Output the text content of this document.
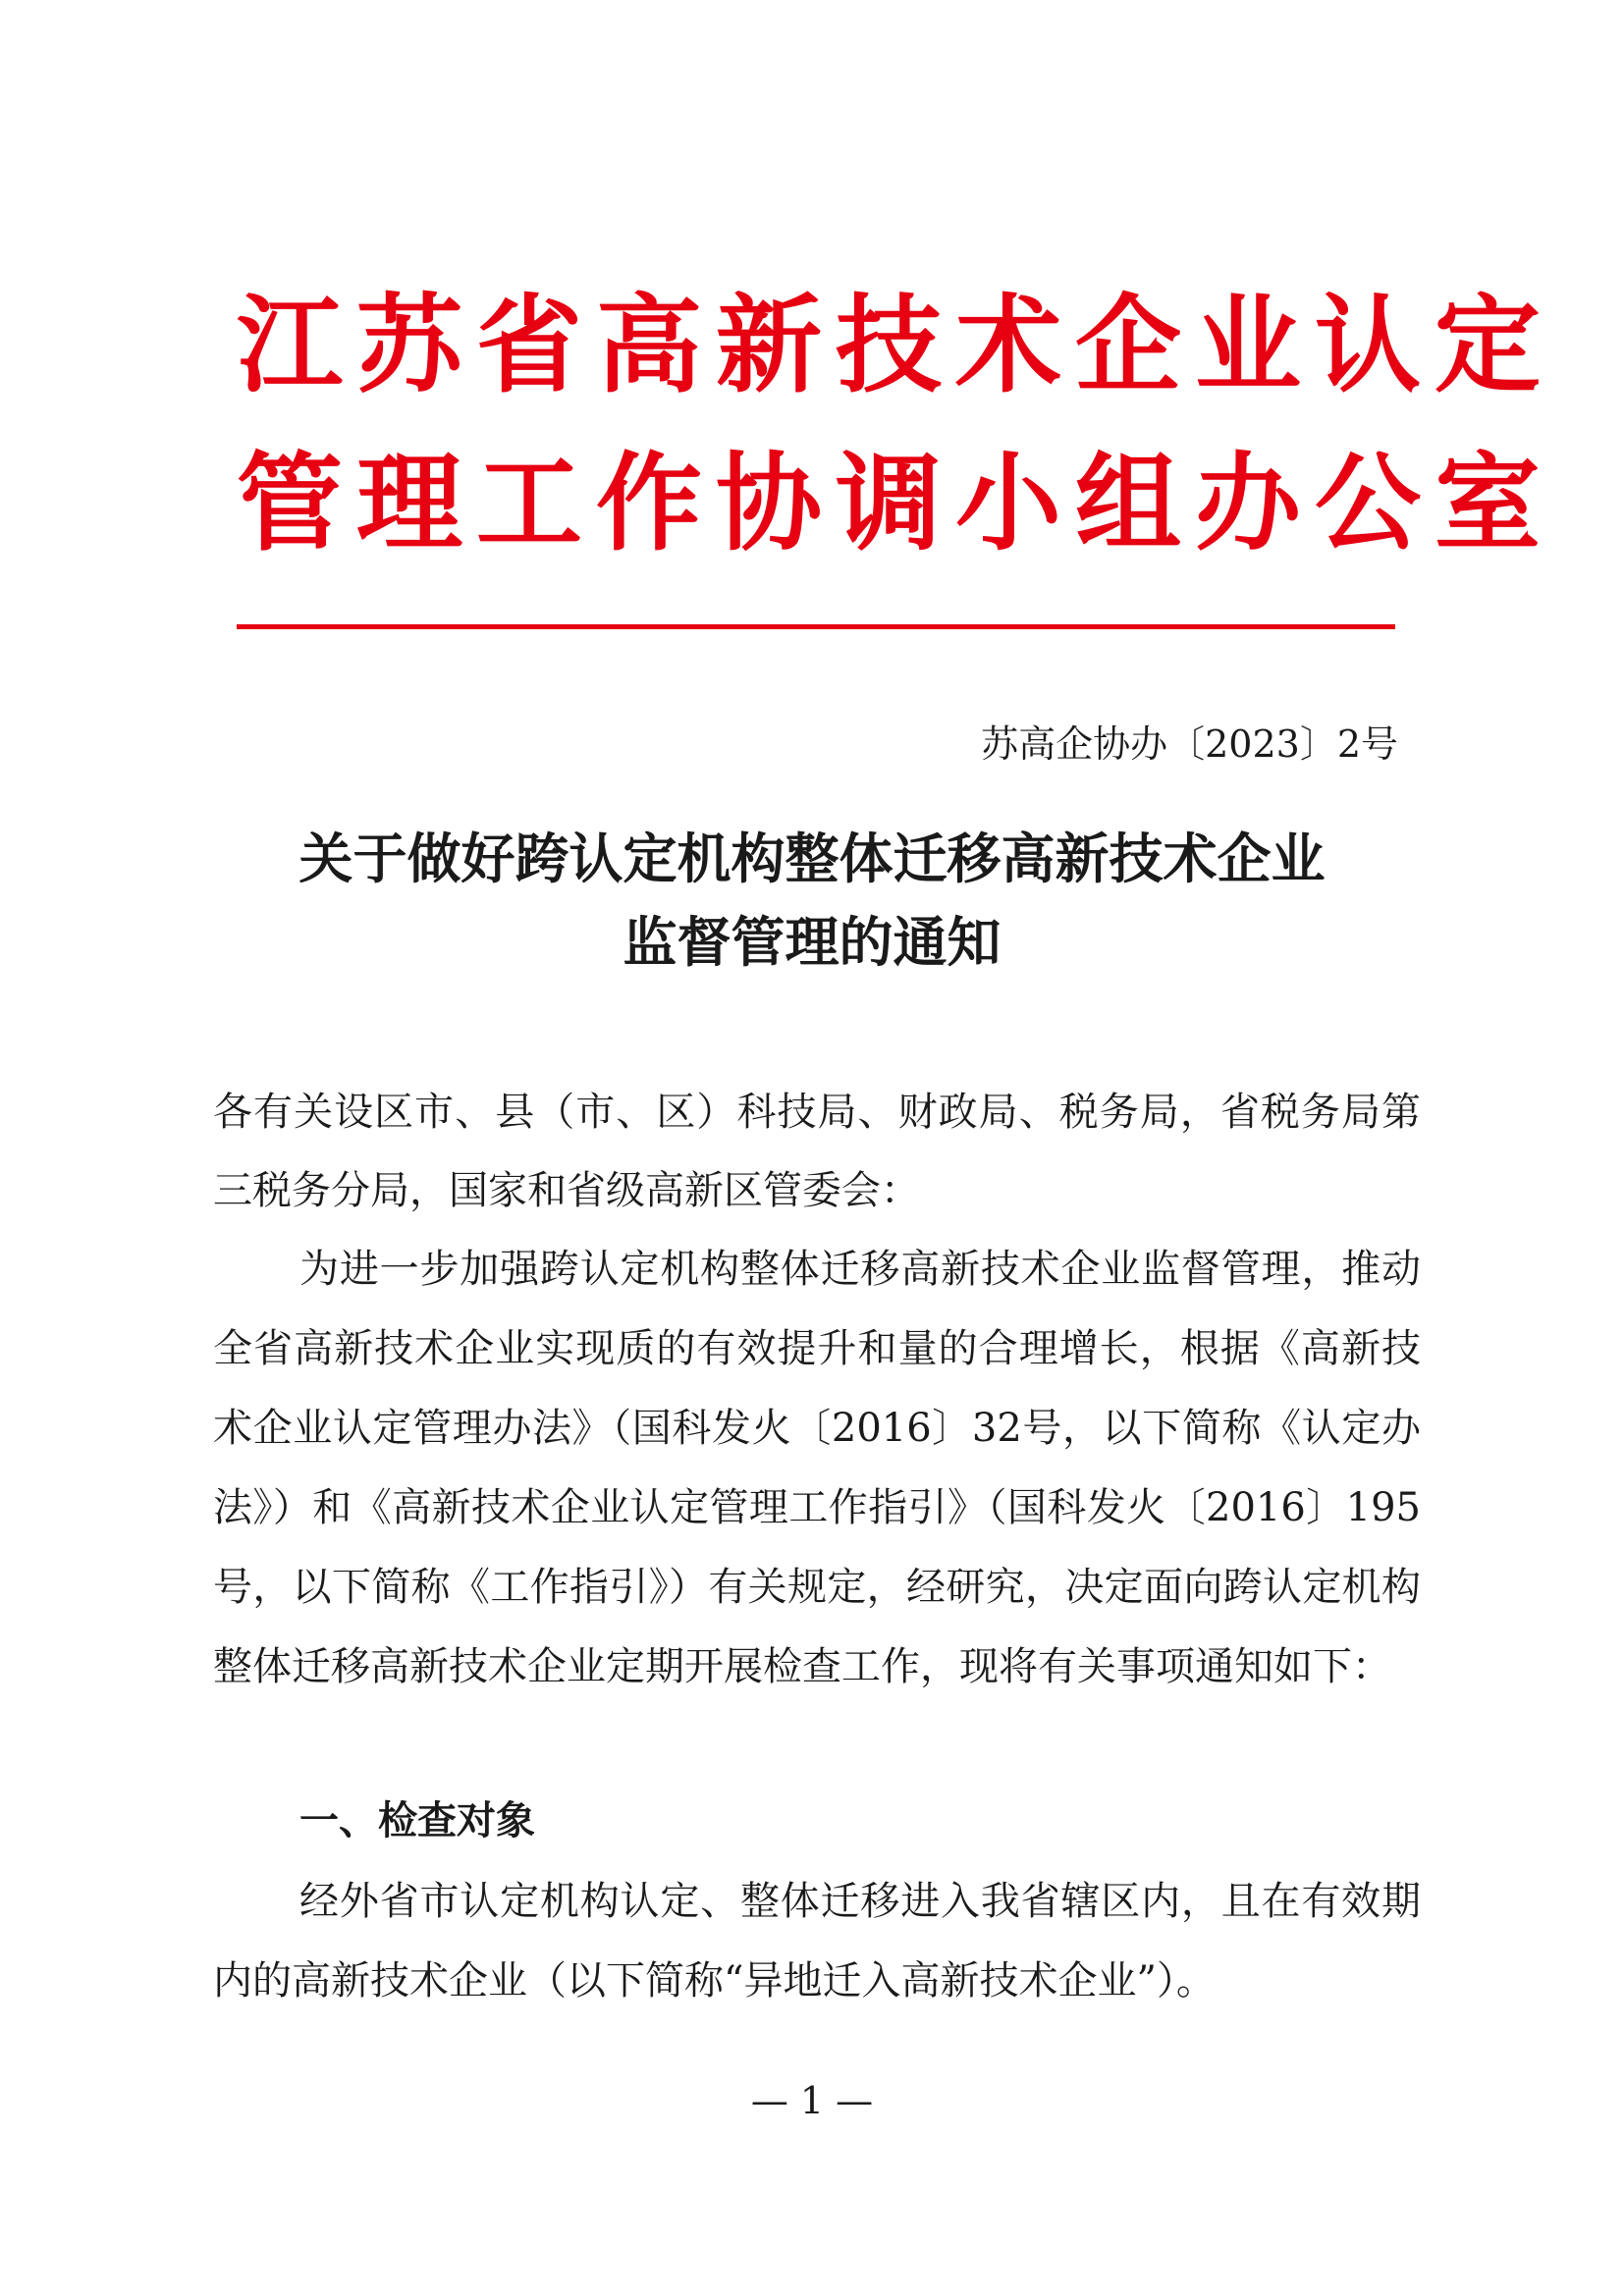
江苏省高新技术企业认定
管理工作协调小组办公室
苏高企协办〔2023〕2号
关于做好跨认定机构整体迁移高新技术企业
监督管理的通知
各有关设区市、县（市、区）科技局、财政局、税务局，省税务局第三税务分局，国家和省级高新区管委会：
为进一步加强跨认定机构整体迁移高新技术企业监督管理，推动全省高新技术企业实现质的有效提升和量的合理增长，根据《高新技术企业认定管理办法》（国科发火〔2016〕32号，以下简称《认定办法》）和《高新技术企业认定管理工作指引》（国科发火〔2016〕195号，以下简称《工作指引》）有关规定，经研究，决定面向跨认定机构整体迁移高新技术企业定期开展检查工作，现将有关事项通知如下：
一、检查对象
经外省市认定机构认定、整体迁移进入我省辖区内，且在有效期内的高新技术企业（以下简称“异地迁入高新技术企业”）。
— 1 —
